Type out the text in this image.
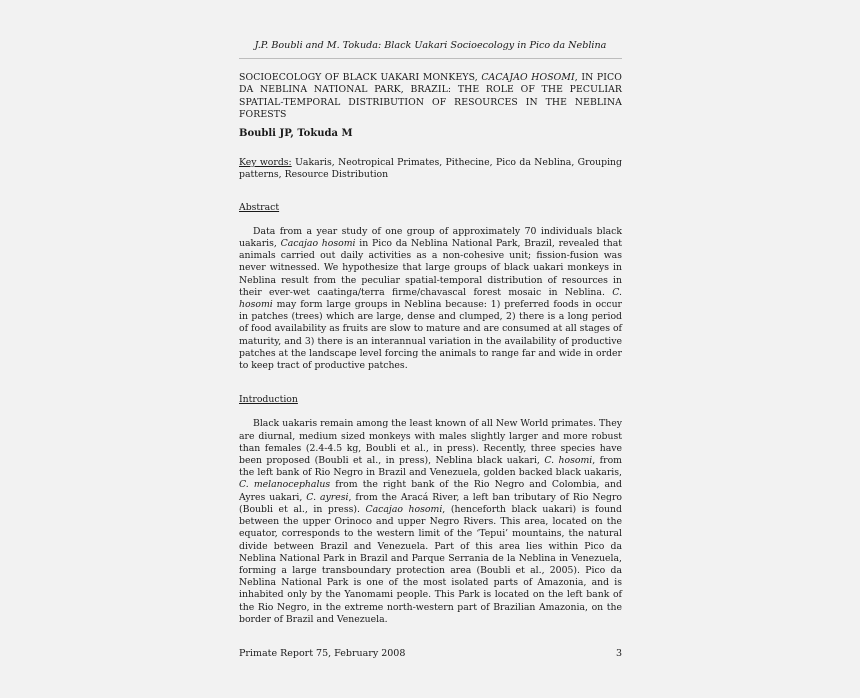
J.P. Boubli and M. Tokuda: Black Uakari Socioecology in Pico da Neblina
SOCIOECOLOGY OF BLACK UAKARI MONKEYS, CACAJAO HOSOMI, IN PICO DA NEBLINA NATIONAL PARK, BRAZIL: THE ROLE OF THE PECULIAR SPATIAL-TEMPORAL DISTRIBUTION OF RESOURCES IN THE NEBLINA FORESTS
Boubli JP, Tokuda M
Key words: Uakaris, Neotropical Primates, Pithecine, Pico da Neblina, Grouping patterns, Resource Distribution
Abstract

Data from a year study of one group of approximately 70 individuals black uakaris, Cacajao hosomi in Pico da Neblina National Park, Brazil, revealed that animals carried out daily activities as a non-cohesive unit; fission-fusion was never witnessed. We hypothesize that large groups of black uakari monkeys in Neblina result from the peculiar spatial-temporal distribution of resources in their ever-wet caatinga/terra firme/chavascal forest mosaic in Neblina. C. hosomi may form large groups in Neblina because: 1) preferred foods in occur in patches (trees) which are large, dense and clumped, 2) there is a long period of food availability as fruits are slow to mature and are consumed at all stages of maturity, and 3) there is an interannual variation in the availability of productive patches at the landscape level forcing the animals to range far and wide in order to keep tract of productive patches.

Introduction

Black uakaris remain among the least known of all New World primates. They are diurnal, medium sized monkeys with males slightly larger and more robust than females (2.4-4.5 kg, Boubli et al., in press). Recently, three species have been proposed (Boubli et al., in press), Neblina black uakari, C. hosomi, from the left bank of Rio Negro in Brazil and Venezuela, golden backed black uakaris, C. melanocephalus from the right bank of the Rio Negro and Colombia, and Ayres uakari, C. ayresi, from the Aracá River, a left ban tributary of Rio Negro (Boubli et al., in press). Cacajao hosomi, (henceforth black uakari) is found between the upper Orinoco and upper Negro Rivers. This area, located on the equator, corresponds to the western limit of the ‘Tepui’ mountains, the natural divide between Brazil and Venezuela. Part of this area lies within Pico da Neblina National Park in Brazil and Parque Serrania de la Neblina in Venezuela, forming a large transboundary protection area (Boubli et al., 2005). Pico da Neblina National Park is one of the most isolated parts of Amazonia, and is inhabited only by the Yanomami people. This Park is located on the left bank of the Rio Negro, in the extreme north-western part of Brazilian Amazonia, on the border of Brazil and Venezuela.

Primate Report 75, February 2008	3
